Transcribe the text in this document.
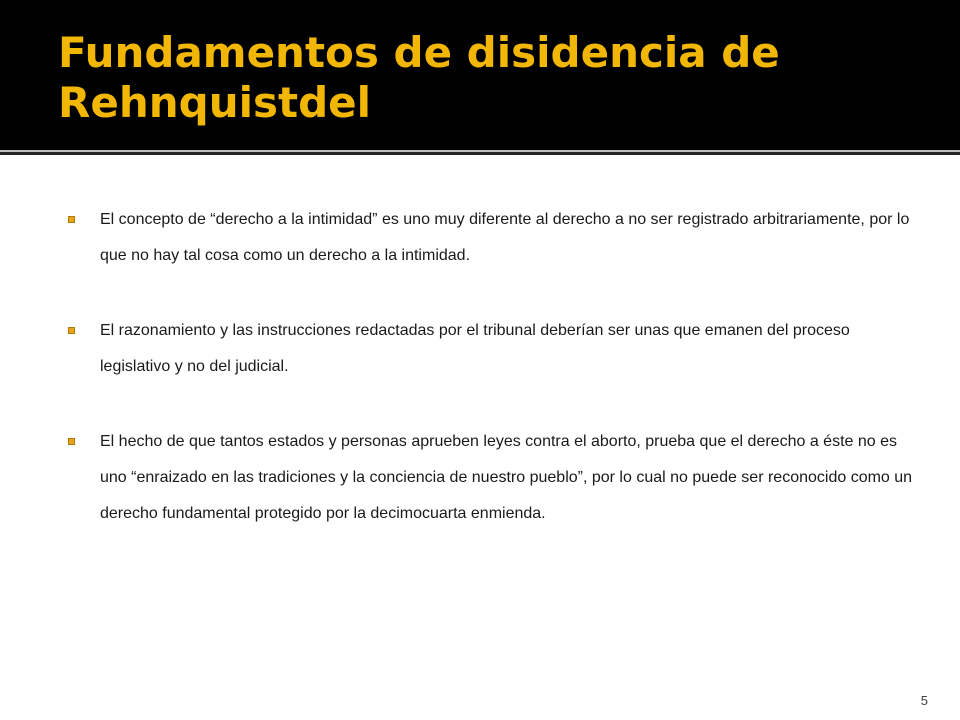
Fundamentos de disidencia de Rehnquistdel
El concepto de “derecho a la intimidad” es uno muy diferente al derecho a no ser registrado arbitrariamente, por lo que no hay tal cosa como un derecho a la intimidad.
El razonamiento y las instrucciones redactadas por el tribunal deberían ser unas que emanen del proceso legislativo y no del judicial.
El hecho de que tantos estados y personas aprueben leyes contra el aborto, prueba que el derecho a éste no es uno “enraizado en las tradiciones y la conciencia de nuestro pueblo”, por lo cual no puede ser reconocido como un derecho fundamental protegido por la decimocuarta enmienda.
5
